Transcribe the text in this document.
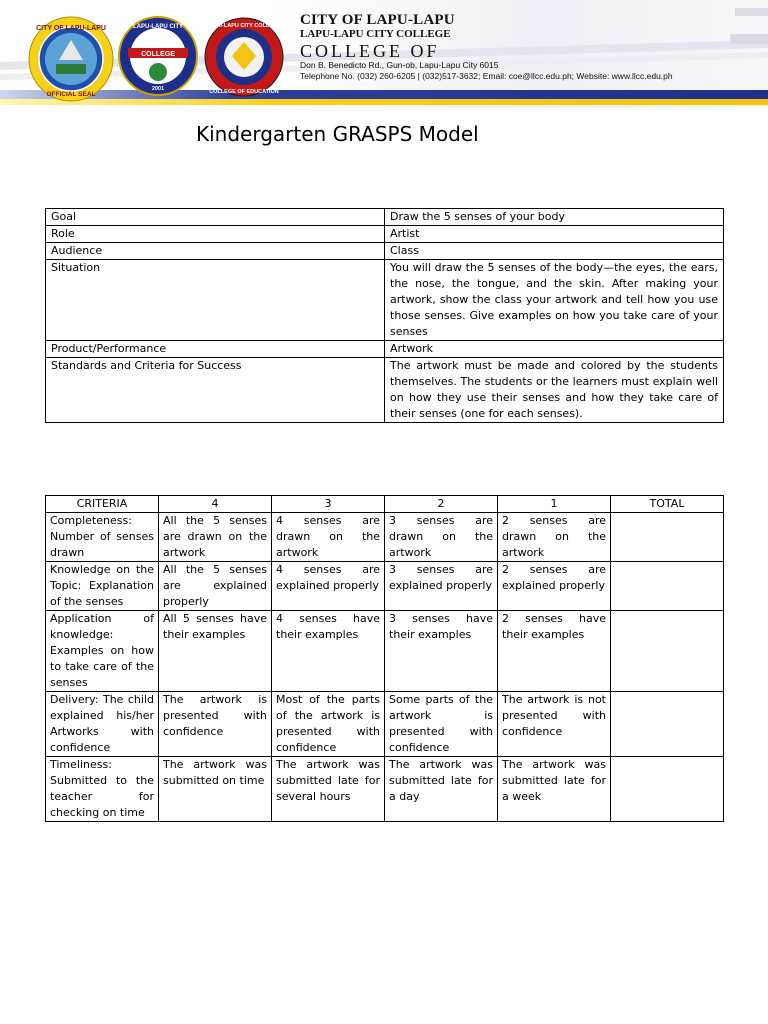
CITY OF LAPU-LAPU
OFFICIAL SEAL
COLLEGE
LAPU-LAPU CITY
2001
LAPU-LAPU CITY COLLEGE
COLLEGE OF EDUCATION
CITY OF LAPU-LAPU
LAPU-LAPU CITY COLLEGE
COLLEGE OF
Don B. Benedicto Rd., Gun-ob, Lapu-Lapu City 6015
Telephone No. (032) 260-6205 | (032)517-3632; Email: coe@llcc.edu.ph; Website: www.llcc.edu.ph
Kindergarten GRASPS Model
Goal	Draw the 5 senses of your body
Role	Artist
Audience	Class
Situation	You will draw the 5 senses of the body—the eyes, the ears, the nose, the tongue, and the skin. After making your artwork, show the class your artwork and tell how you use those senses. Give examples on how you take care of your senses
Product/Performance	Artwork
Standards and Criteria for Success	The artwork must be made and colored by the students themselves. The students or the learners must explain well on how they use their senses and how they take care of their senses (one for each senses).
CRITERIA	4	3	2	1	TOTAL
Completeness: Number of senses drawn	All the 5 senses are drawn on the artwork	4 senses are drawn on the artwork	3 senses are drawn on the artwork	2 senses are drawn on the artwork	
Knowledge on the Topic: Explanation of the senses	All the 5 senses are explained properly	4 senses are explained properly	3 senses are explained properly	2 senses are explained properly	
Application of knowledge: Examples on how to take care of the senses	All 5 senses have their examples	4 senses have their examples	3 senses have their examples	2 senses have their examples	
Delivery: The child explained his/her Artworks with confidence	The artwork is presented with confidence	Most of the parts of the artwork is presented with confidence	Some parts of the artwork is presented with confidence	The artwork is not presented with confidence	
Timeliness: Submitted to the teacher for checking on time	The artwork was submitted on time	The artwork was submitted late for several hours	The artwork was submitted late for a day	The artwork was submitted late for a week	
